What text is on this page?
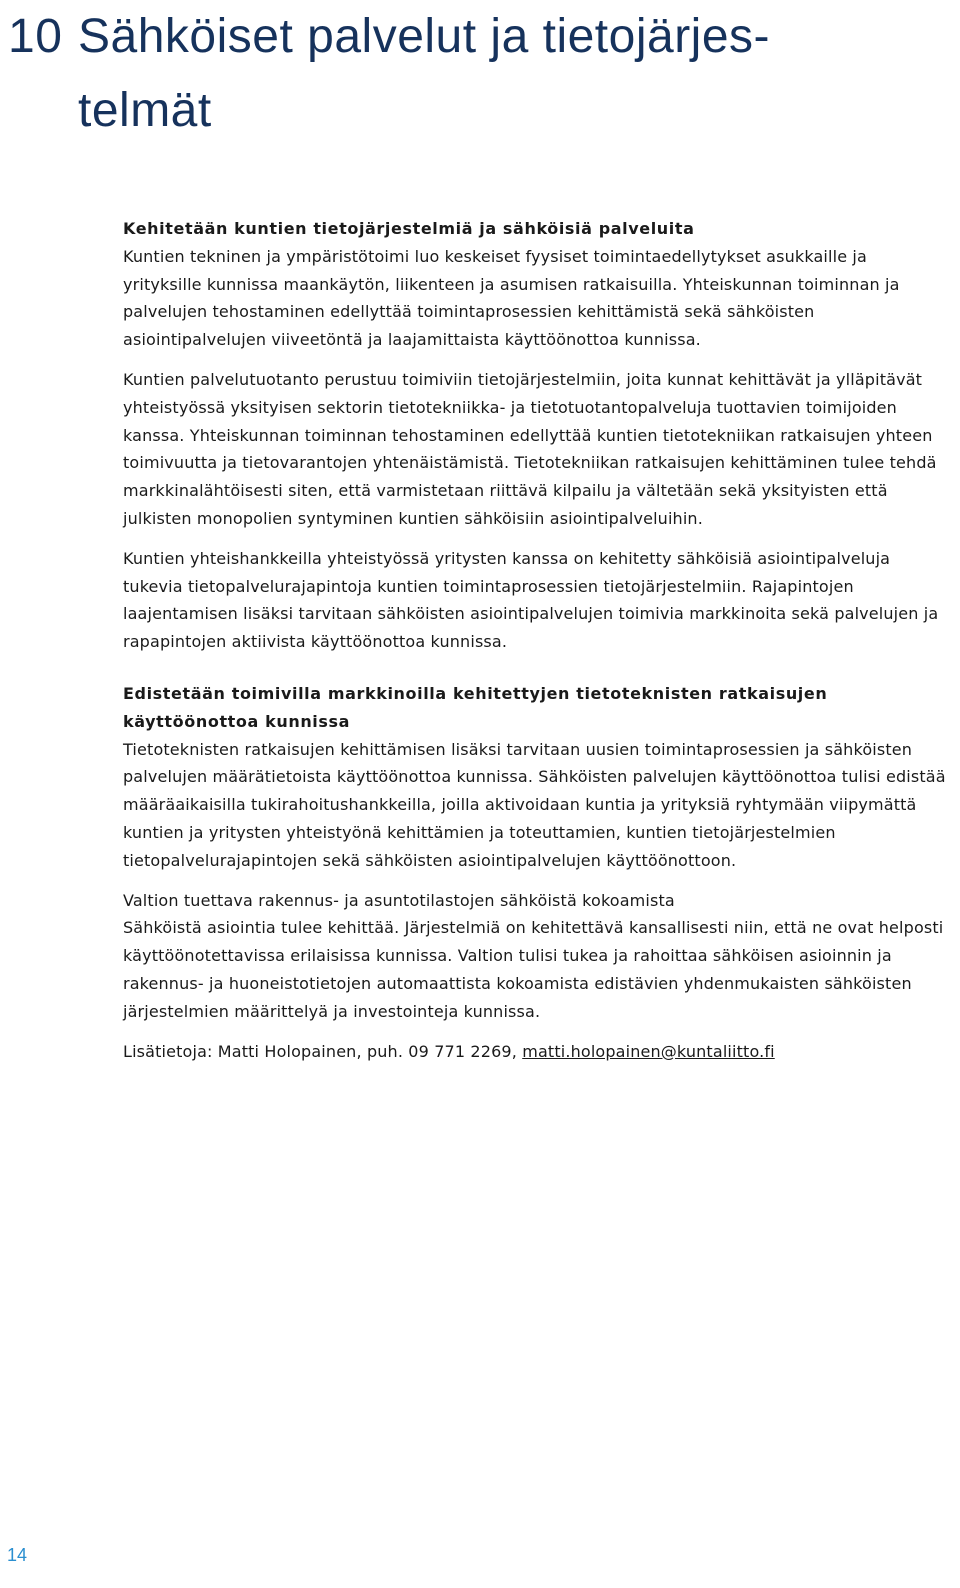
10 Sähköiset palvelut ja tietojärjes-
telmät
Kehitetään kuntien tietojärjestelmiä ja sähköisiä palveluita

Kuntien tekninen ja ympäristötoimi luo keskeiset fyysiset toimintaedellytykset asukkaille ja yrityksille kunnissa maankäytön, liikenteen ja asumisen ratkaisuilla. Yhteiskunnan toiminnan ja palvelujen tehostaminen edellyttää toimintaprosessien kehittämistä sekä sähköisten asiointipalvelujen viiveetöntä ja laajamittaista käyttöönottoa kunnissa.

Kuntien palvelutuotanto perustuu toimiviin tietojärjestelmiin, joita kunnat kehittävät ja ylläpitävät yhteistyössä yksityisen sektorin tietotekniikka- ja tietotuotantopalveluja tuottavien toimijoiden kanssa. Yhteiskunnan toiminnan tehostaminen edellyttää kuntien tietotekniikan ratkaisujen yhteen toimivuutta ja tietovarantojen yhtenäistämistä. Tietotekniikan ratkaisujen kehittäminen tulee tehdä markkinalähtöisesti siten, että varmistetaan riittävä kilpailu ja vältetään sekä yksityisten että julkisten monopolien syntyminen kuntien sähköisiin asiointipalveluihin.

Kuntien yhteishankkeilla yhteistyössä yritysten kanssa on kehitetty sähköisiä asiointipalveluja tukevia tietopalvelurajapintoja kuntien toimintaprosessien tietojärjestelmiin. Rajapintojen laajentamisen lisäksi tarvitaan sähköisten asiointipalvelujen toimivia markkinoita sekä palvelujen ja rapapintojen aktiivista käyttöönottoa kunnissa.

Edistetään toimivilla markkinoilla kehitettyjen tietoteknisten ratkaisujen käyttöönottoa kunnissa

Tietoteknisten ratkaisujen kehittämisen lisäksi tarvitaan uusien toimintaprosessien ja sähköisten palvelujen määrätietoista käyttöönottoa kunnissa. Sähköisten palvelujen käyttöönottoa tulisi edistää määräaikaisilla tukirahoitushankkeilla, joilla aktivoidaan kuntia ja yrityksiä ryhtymään viipymättä kuntien ja yritysten yhteistyönä kehittämien ja toteuttamien, kuntien tietojärjestelmien tietopalvelurajapintojen sekä sähköisten asiointipalvelujen käyttöönottoon.

Valtion tuettava rakennus- ja asuntotilastojen sähköistä kokoamista

Sähköistä asiointia tulee kehittää. Järjestelmiä on kehitettävä kansallisesti niin, että ne ovat helposti käyttöönotettavissa erilaisissa kunnissa. Valtion tulisi tukea ja rahoittaa sähköisen asioinnin ja rakennus- ja huoneistotietojen automaattista kokoamista edistävien yhdenmukaisten sähköisten järjestelmien määrittelyä ja investointeja kunnissa.

Lisätietoja: Matti Holopainen, puh. 09 771 2269, matti.holopainen@kuntaliitto.fi

14
